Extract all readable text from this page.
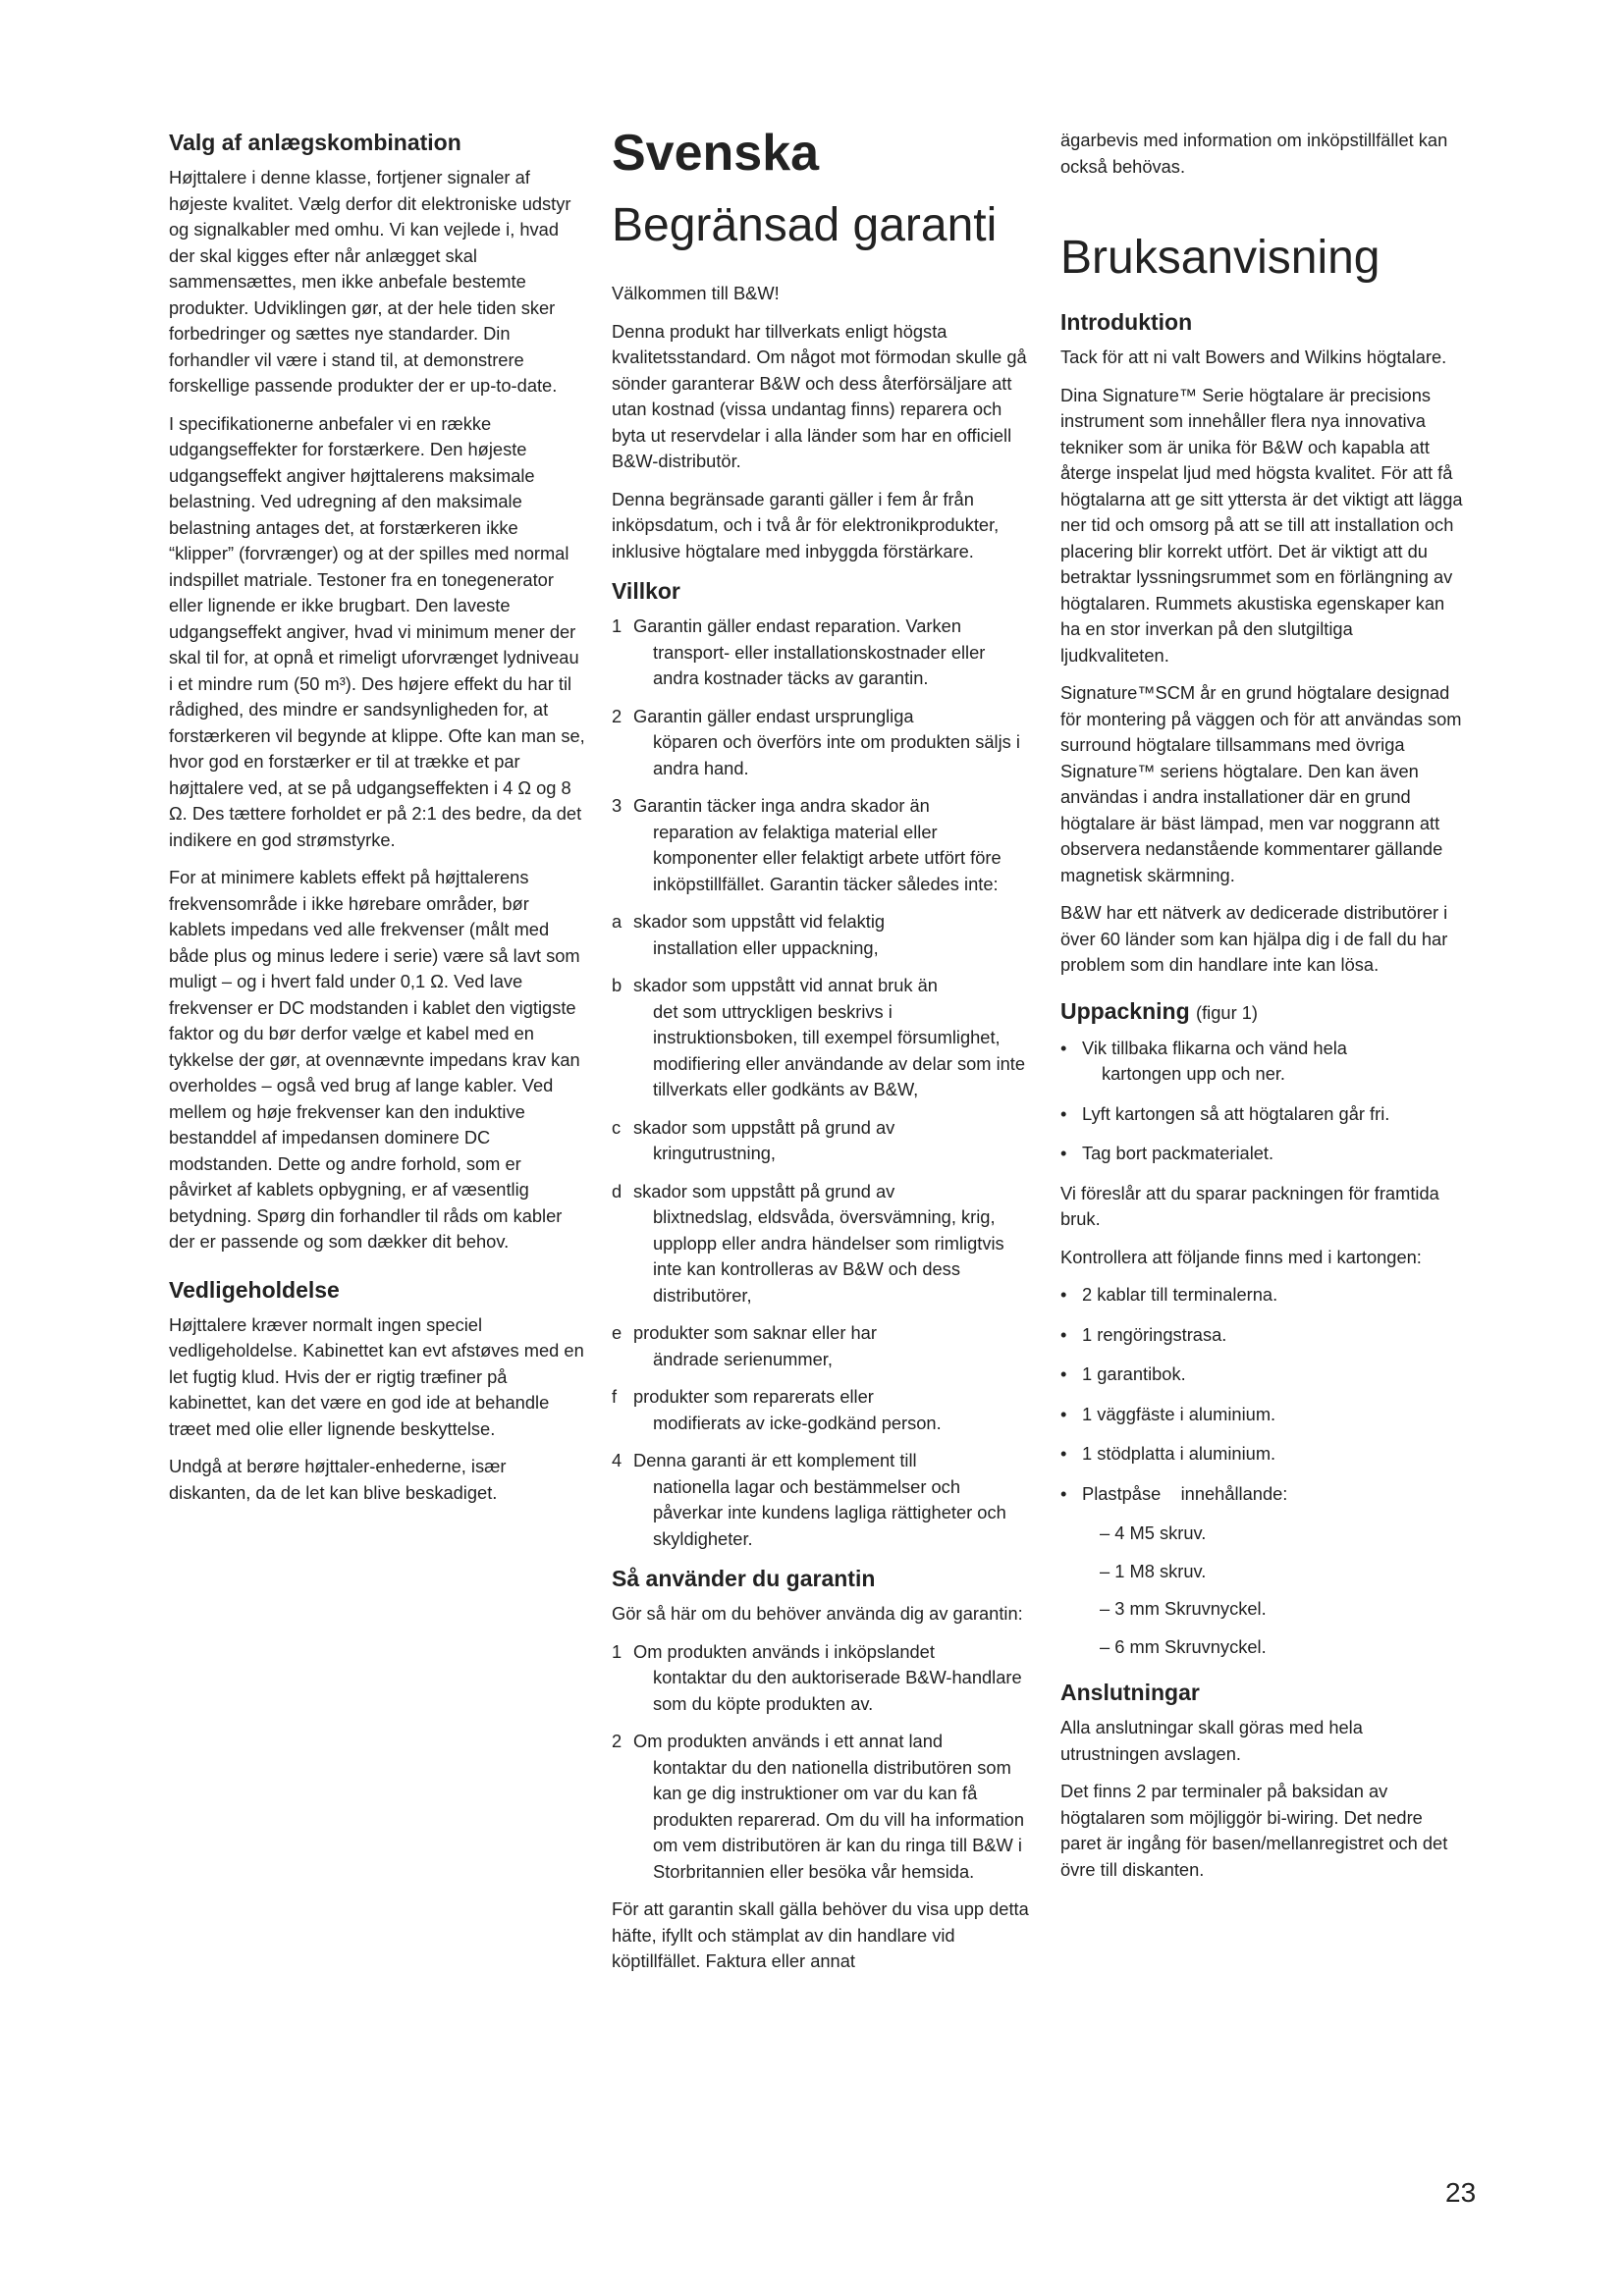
Valg af anlægskombination

Højttalere i denne klasse, fortjener signaler af højeste kvalitet. Vælg derfor dit elektroniske udstyr og signalkabler med omhu. Vi kan vejlede i, hvad der skal kigges efter når anlægget skal sammensættes, men ikke anbefale bestemte produkter. Udviklingen gør, at der hele tiden sker forbedringer og sættes nye standarder. Din forhandler vil være i stand til, at demonstrere forskellige passende produkter der er up-to-date.

I specifikationerne anbefaler vi en række udgangseffekter for forstærkere. Den højeste udgangseffekt angiver højttalerens maksimale belastning. Ved udregning af den maksimale belastning antages det, at forstærkeren ikke “klipper” (forvrænger) og at der spilles med normal indspillet matriale. Testoner fra en tonegenerator eller lignende er ikke brugbart. Den laveste udgangseffekt angiver, hvad vi minimum mener der skal til for, at opnå et rimeligt uforvrænget lydniveau i et mindre rum (50 m³). Des højere effekt du har til rådighed, des mindre er sandsynligheden for, at forstærkeren vil begynde at klippe. Ofte kan man se, hvor god en forstærker er til at trække et par højttalere ved, at se på udgangseffekten i 4 Ω og 8 Ω. Des tættere forholdet er på 2:1 des bedre, da det indikere en god strømstyrke.

For at minimere kablets effekt på højttalerens frekvensområde i ikke hørebare områder, bør kablets impedans ved alle frekvenser (målt med både plus og minus ledere i serie) være så lavt som muligt – og i hvert fald under 0,1 Ω. Ved lave frekvenser er DC modstanden i kablet den vigtigste faktor og du bør derfor vælge et kabel med en tykkelse der gør, at ovennævnte impedans krav kan overholdes – også ved brug af lange kabler. Ved mellem og høje frekvenser kan den induktive bestanddel af impedansen dominere DC modstanden. Dette og andre forhold, som er påvirket af kablets opbygning, er af væsentlig betydning. Spørg din forhandler til råds om kabler der er passende og som dækker dit behov.

Vedligeholdelse

Højttalere kræver normalt ingen speciel vedligeholdelse. Kabinettet kan evt afstøves med en let fugtig klud. Hvis der er rigtig træfiner på kabinettet, kan det være en god ide at behandle træet med olie eller lignende beskyttelse.

Undgå at berøre højttaler-enhederne, især diskanten, da de let kan blive beskadiget.

Svenska
Begränsad garanti

Välkommen till B&W!

Denna produkt har tillverkats enligt högsta kvalitetsstandard. Om något mot förmodan skulle gå sönder garanterar B&W och dess återförsäljare att utan kostnad (vissa undantag finns) reparera och byta ut reservdelar i alla länder som har en officiell B&W-distributör.

Denna begränsade garanti gäller i fem år från inköpsdatum, och i två år för elektronikprodukter, inklusive högtalare med inbyggda förstärkare.

Villkor
1 Garantin gäller endast reparation. Varken
transport- eller installationskostnader eller andra kostnader täcks av garantin.
2 Garantin gäller endast ursprungliga
köparen och överförs inte om produkten säljs i andra hand.
3 Garantin täcker inga andra skador än
reparation av felaktiga material eller komponenter eller felaktigt arbete utfört före inköpstillfället. Garantin täcker således inte:
a skador som uppstått vid felaktig
installation eller uppackning,
b skador som uppstått vid annat bruk än
det som uttryckligen beskrivs i instruktionsboken, till exempel försumlighet, modifiering eller användande av delar som inte tillverkats eller godkänts av B&W,
c skador som uppstått på grund av
kringutrustning,
d skador som uppstått på grund av
blixtnedslag, eldsvåda, översvämning, krig, upplopp eller andra händelser som rimligtvis inte kan kontrolleras av B&W och dess distributörer,
e produkter som saknar eller har
ändrade serienummer,
f produkter som reparerats eller
modifierats av icke-godkänd person.
4 Denna garanti är ett komplement till
nationella lagar och bestämmelser och påverkar inte kundens lagliga rättigheter och skyldigheter.
Så använder du garantin

Gör så här om du behöver använda dig av garantin:

1 Om produkten används i inköpslandet
kontaktar du den auktoriserade B&W-handlare som du köpte produkten av.
2 Om produkten används i ett annat land
kontaktar du den nationella distributören som kan ge dig instruktioner om var du kan få produkten reparerad. Om du vill ha information om vem distributören är kan du ringa till B&W i Storbritannien eller besöka vår hemsida.

För att garantin skall gälla behöver du visa upp detta häfte, ifyllt och stämplat av din handlare vid köptillfället. Faktura eller annat

ägarbevis med information om inköpstillfället kan också behövas.

Bruksanvisning
Introduktion

Tack för att ni valt Bowers and Wilkins högtalare.

Dina Signature™ Serie högtalare är precisions instrument som innehåller flera nya innovativa tekniker som är unika för B&W och kapabla att återge inspelat ljud med högsta kvalitet. För att få högtalarna att ge sitt yttersta är det viktigt att lägga ner tid och omsorg på att se till att installation och placering blir korrekt utfört. Det är viktigt att du betraktar lyssningsrummet som en förlängning av högtalaren. Rummets akustiska egenskaper kan ha en stor inverkan på den slutgiltiga ljudkvaliteten.

Signature™SCM år en grund högtalare designad för montering på väggen och för att användas som surround högtalare tillsammans med övriga Signature™ seriens högtalare. Den kan även användas i andra installationer där en grund högtalare är bäst lämpad, men var noggrann att observera nedanstående kommentarer gällande magnetisk skärmning.

B&W har ett nätverk av dedicerade distributörer i över 60 länder som kan hjälpa dig i de fall du har problem som din handlare inte kan lösa.

Uppackning (figur 1)
• Vik tillbaka flikarna och vänd hela
kartongen upp och ner.
• Lyft kartongen så att högtalaren går fri.
• Tag bort packmaterialet.

Vi föreslår att du sparar packningen för framtida bruk.

Kontrollera att följande finns med i kartongen:

• 2 kablar till terminalerna.
• 1 rengöringstrasa.
• 1 garantibok.
• 1 väggfäste i aluminium.
• 1 stödplatta i aluminium.
• Plastpåse    innehållande:
– 4 M5 skruv.
– 1 M8 skruv.
– 3 mm Skruvnyckel.
– 6 mm Skruvnyckel.
Anslutningar

Alla anslutningar skall göras med hela utrustningen avslagen.

Det finns 2 par terminaler på baksidan av högtalaren som möjliggör bi-wiring. Det nedre paret är ingång för basen/mellanregistret och det övre till diskanten.

23
